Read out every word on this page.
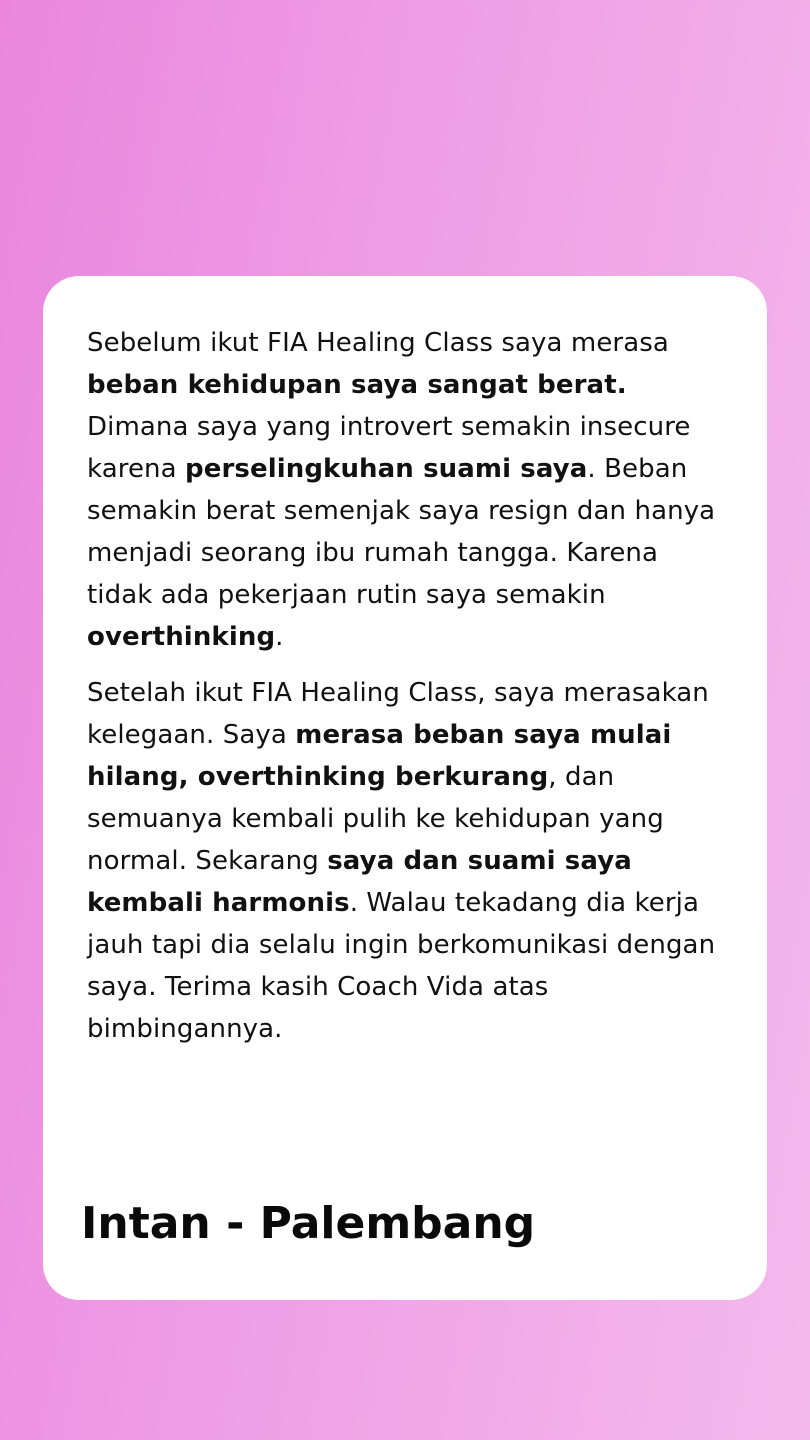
Sebelum ikut FIA Healing Class saya merasa beban kehidupan saya sangat berat. Dimana saya yang introvert semakin insecure karena perselingkuhan suami saya. Beban semakin berat semenjak saya resign dan hanya menjadi seorang ibu rumah tangga. Karena tidak ada pekerjaan rutin saya semakin overthinking.

Setelah ikut FIA Healing Class, saya merasakan kelegaan. Saya merasa beban saya mulai hilang, overthinking berkurang, dan semuanya kembali pulih ke kehidupan yang normal. Sekarang saya dan suami saya kembali harmonis. Walau tekadang dia kerja jauh tapi dia selalu ingin berkomunikasi dengan saya. Terima kasih Coach Vida atas bimbingannya.

Intan - Palembang
